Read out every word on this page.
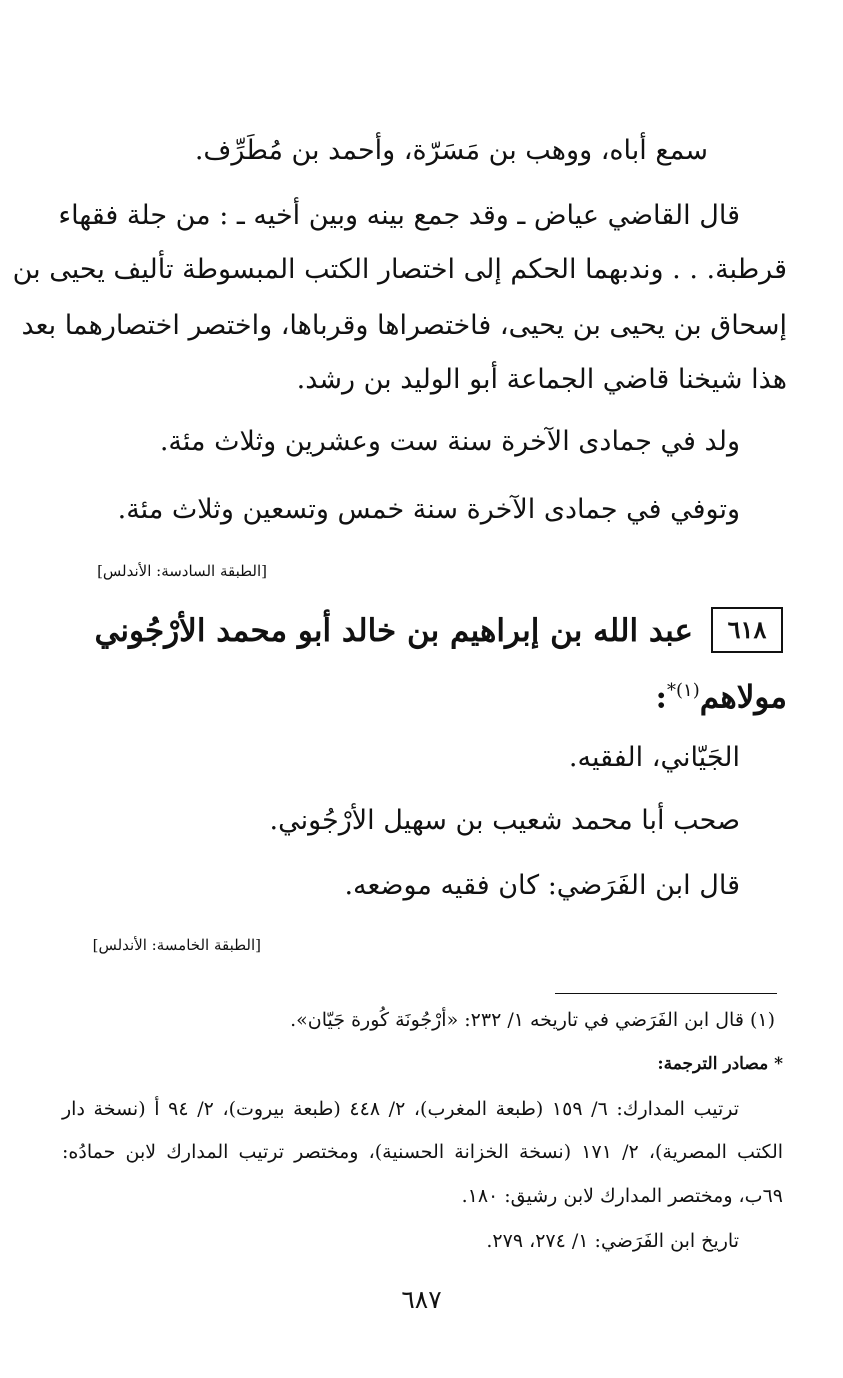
سمع أباه، ووهب بن مَسَرّة، وأحمد بن مُطَرِّف.
قال القاضي عياض ـ وقد جمع بينه وبين أخيه ـ : من جلة فقهاء
قرطبة. . . وندبهما الحكم إلى اختصار الكتب المبسوطة تأليف يحيى بن
إسحاق بن يحيى بن يحيى، فاختصراها وقرباها، واختصر اختصارهما بعد
هذا شيخنا قاضي الجماعة أبو الوليد بن رشد.
ولد في جمادى الآخرة سنة ست وعشرين وثلاث مئة.
وتوفي في جمادى الآخرة سنة خمس وتسعين وثلاث مئة.
[الطبقة السادسة: الأندلس]
٦١٨
عبد الله بن إبراهيم بن خالد أبو محمد الأرْجُوني
مولاهم$^{(١)*}$:
الجَيّاني، الفقيه.
صحب أبا محمد شعيب بن سهيل الأرْجُوني.
قال ابن الفَرَضي: كان فقيه موضعه.
[الطبقة الخامسة: الأندلس]
(١) قال ابن الفَرَضي في تاريخه ١/ ٢٣٢: «أرْجُونَة كُورة جَيّان».
* مصادر الترجمة:
ترتيب المدارك: ٦/ ١٥٩ (طبعة المغرب)، ٢/ ٤٤٨ (طبعة بيروت)، ٢/ ٩٤ أ (نسخة دار
الكتب المصرية)، ٢/ ١٧١ (نسخة الخزانة الحسنية)، ومختصر ترتيب المدارك لابن حمادُه:
٦٩ب، ومختصر المدارك لابن رشيق: ١٨٠.
تاريخ ابن الفَرَضي: ١/ ٢٧٤، ٢٧٩.
٦٨٧
